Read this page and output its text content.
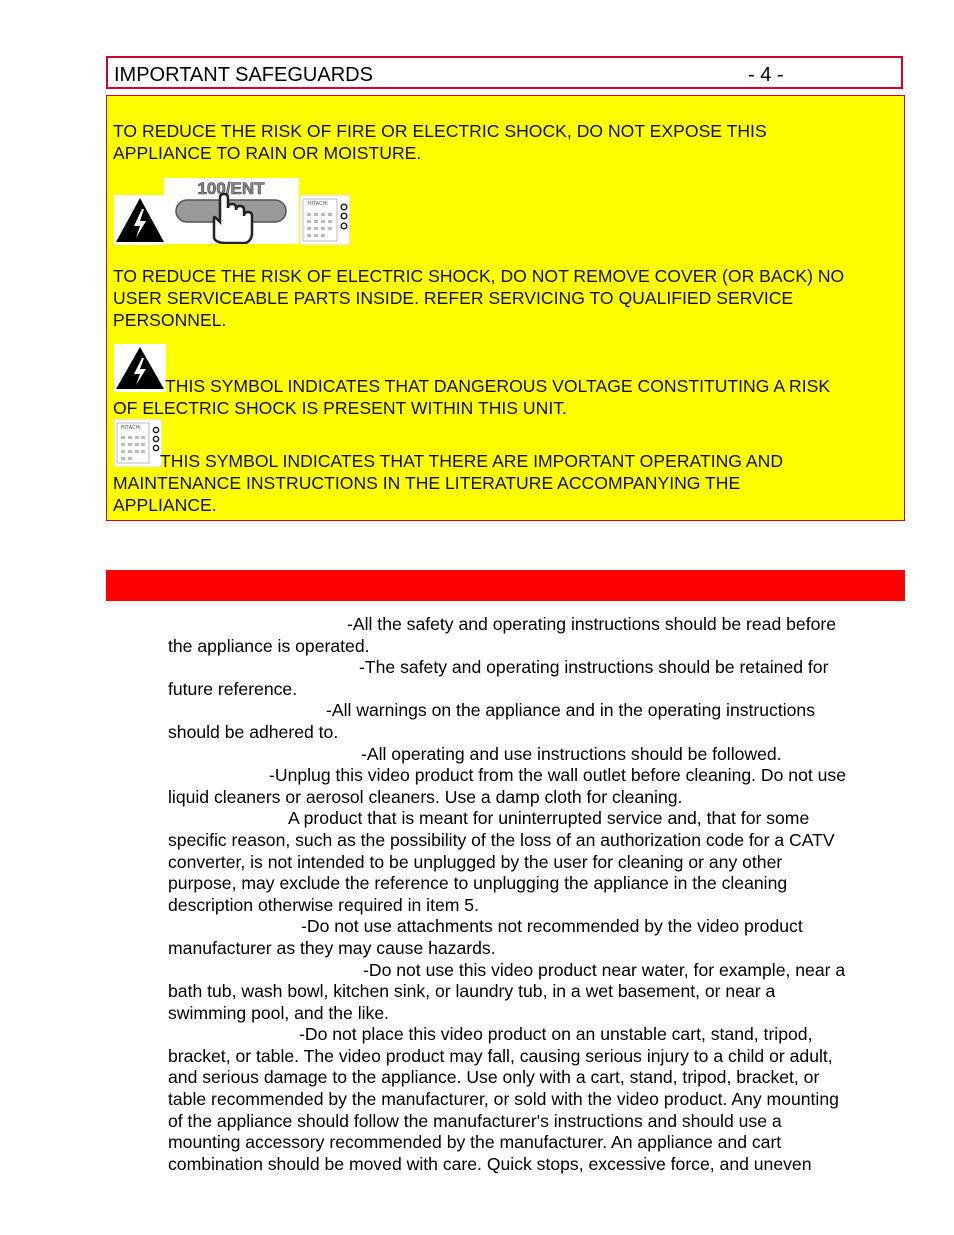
IMPORTANT SAFEGUARDS	- 4 -
TO REDUCE THE RISK OF FIRE OR ELECTRIC SHOCK, DO NOT EXPOSE THIS
APPLIANCE TO RAIN OR MOISTURE.
100/ENT
HITACHI
TO REDUCE THE RISK OF ELECTRIC SHOCK, DO NOT REMOVE COVER (OR BACK) NO
USER SERVICEABLE PARTS INSIDE. REFER SERVICING TO QUALIFIED SERVICE
PERSONNEL.
THIS SYMBOL INDICATES THAT DANGEROUS VOLTAGE CONSTITUTING A RISK
OF ELECTRIC SHOCK IS PRESENT WITHIN THIS UNIT.
HITACHI
THIS SYMBOL INDICATES THAT THERE ARE IMPORTANT OPERATING AND
MAINTENANCE INSTRUCTIONS IN THE LITERATURE ACCOMPANYING THE
APPLIANCE.
-All the safety and operating instructions should be read before
the appliance is operated.
-The safety and operating instructions should be retained for
future reference.
-All warnings on the appliance and in the operating instructions
should be adhered to.
-All operating and use instructions should be followed.
-Unplug this video product from the wall outlet before cleaning. Do not use
liquid cleaners or aerosol cleaners. Use a damp cloth for cleaning.
A product that is meant for uninterrupted service and, that for some
specific reason, such as the possibility of the loss of an authorization code for a CATV
converter, is not intended to be unplugged by the user for cleaning or any other
purpose, may exclude the reference to unplugging the appliance in the cleaning
description otherwise required in item 5.
-Do not use attachments not recommended by the video product
manufacturer as they may cause hazards.
-Do not use this video product near water, for example, near a
bath tub, wash bowl, kitchen sink, or laundry tub, in a wet basement, or near a
swimming pool, and the like.
-Do not place this video product on an unstable cart, stand, tripod,
bracket, or table. The video product may fall, causing serious injury to a child or adult,
and serious damage to the appliance. Use only with a cart, stand, tripod, bracket, or
table recommended by the manufacturer, or sold with the video product. Any mounting
of the appliance should follow the manufacturer's instructions and should use a
mounting accessory recommended by the manufacturer. An appliance and cart
combination should be moved with care. Quick stops, excessive force, and uneven
